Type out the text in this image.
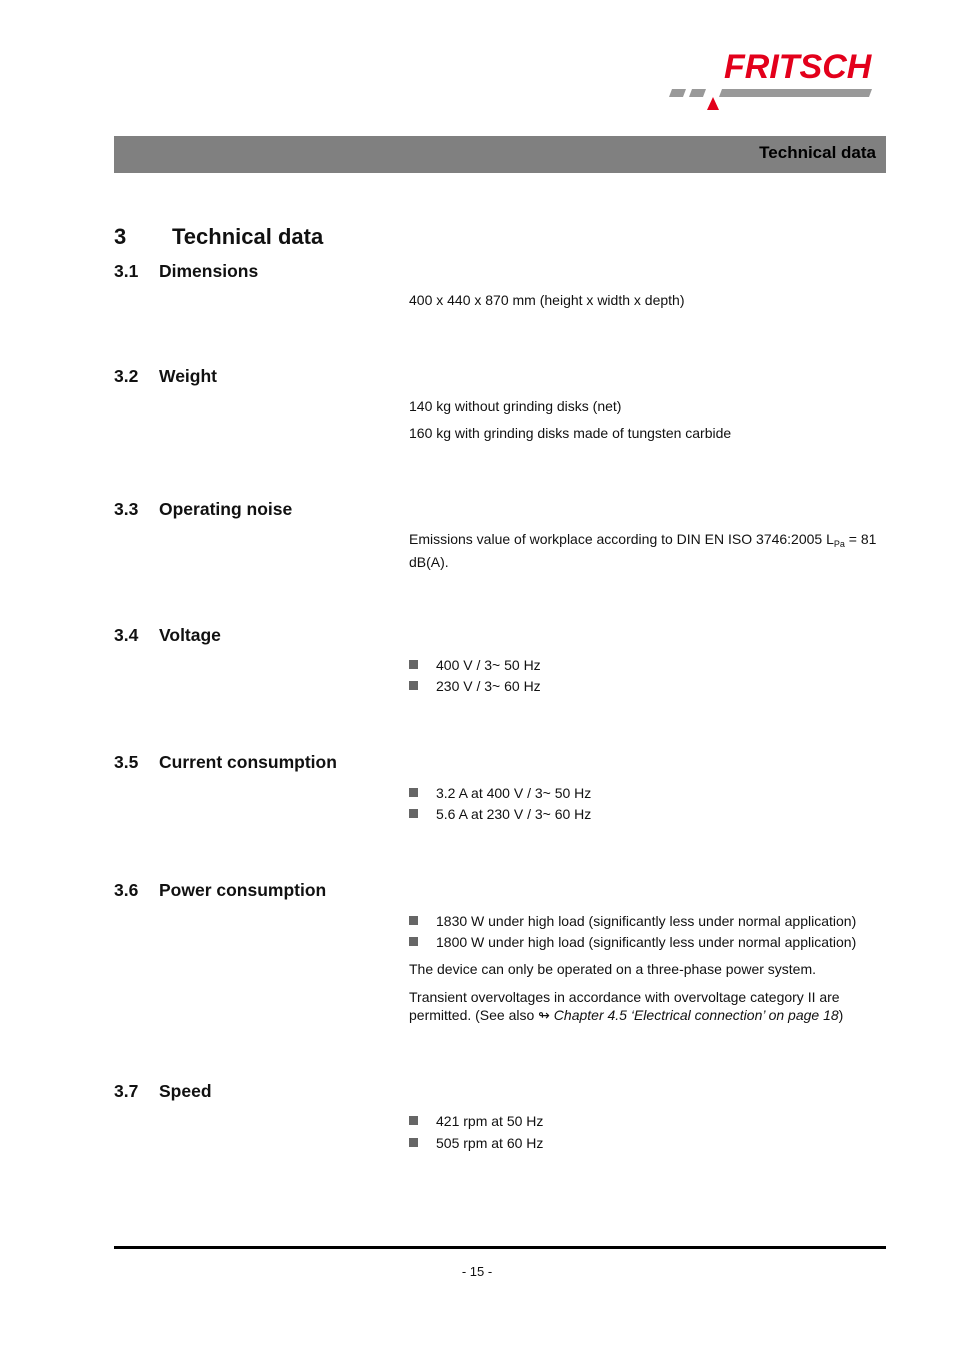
FRITSCH
Technical data
3 Technical data
3.1 Dimensions
400 x 440 x 870 mm (height x width x depth)
3.2 Weight
140 kg without grinding disks (net)
160 kg with grinding disks made of tungsten carbide
3.3 Operating noise
Emissions value of workplace according to DIN EN ISO 3746:2005 $L_{Pa} = 81$ dB(A).
3.4 Voltage
400 V / 3~ 50 Hz
230 V / 3~ 60 Hz
3.5 Current consumption
3.2 A at 400 V / 3~ 50 Hz
5.6 A at 230 V / 3~ 60 Hz
3.6 Power consumption
1830 W under high load (significantly less under normal application)
1800 W under high load (significantly less under normal application)
The device can only be operated on a three-phase power system.
Transient overvoltages in accordance with overvoltage category II are permitted. (See also ↬ Chapter 4.5 ‘Electrical connection’ on page 18)
3.7 Speed
421 rpm at 50 Hz
505 rpm at 60 Hz
- 15 -
